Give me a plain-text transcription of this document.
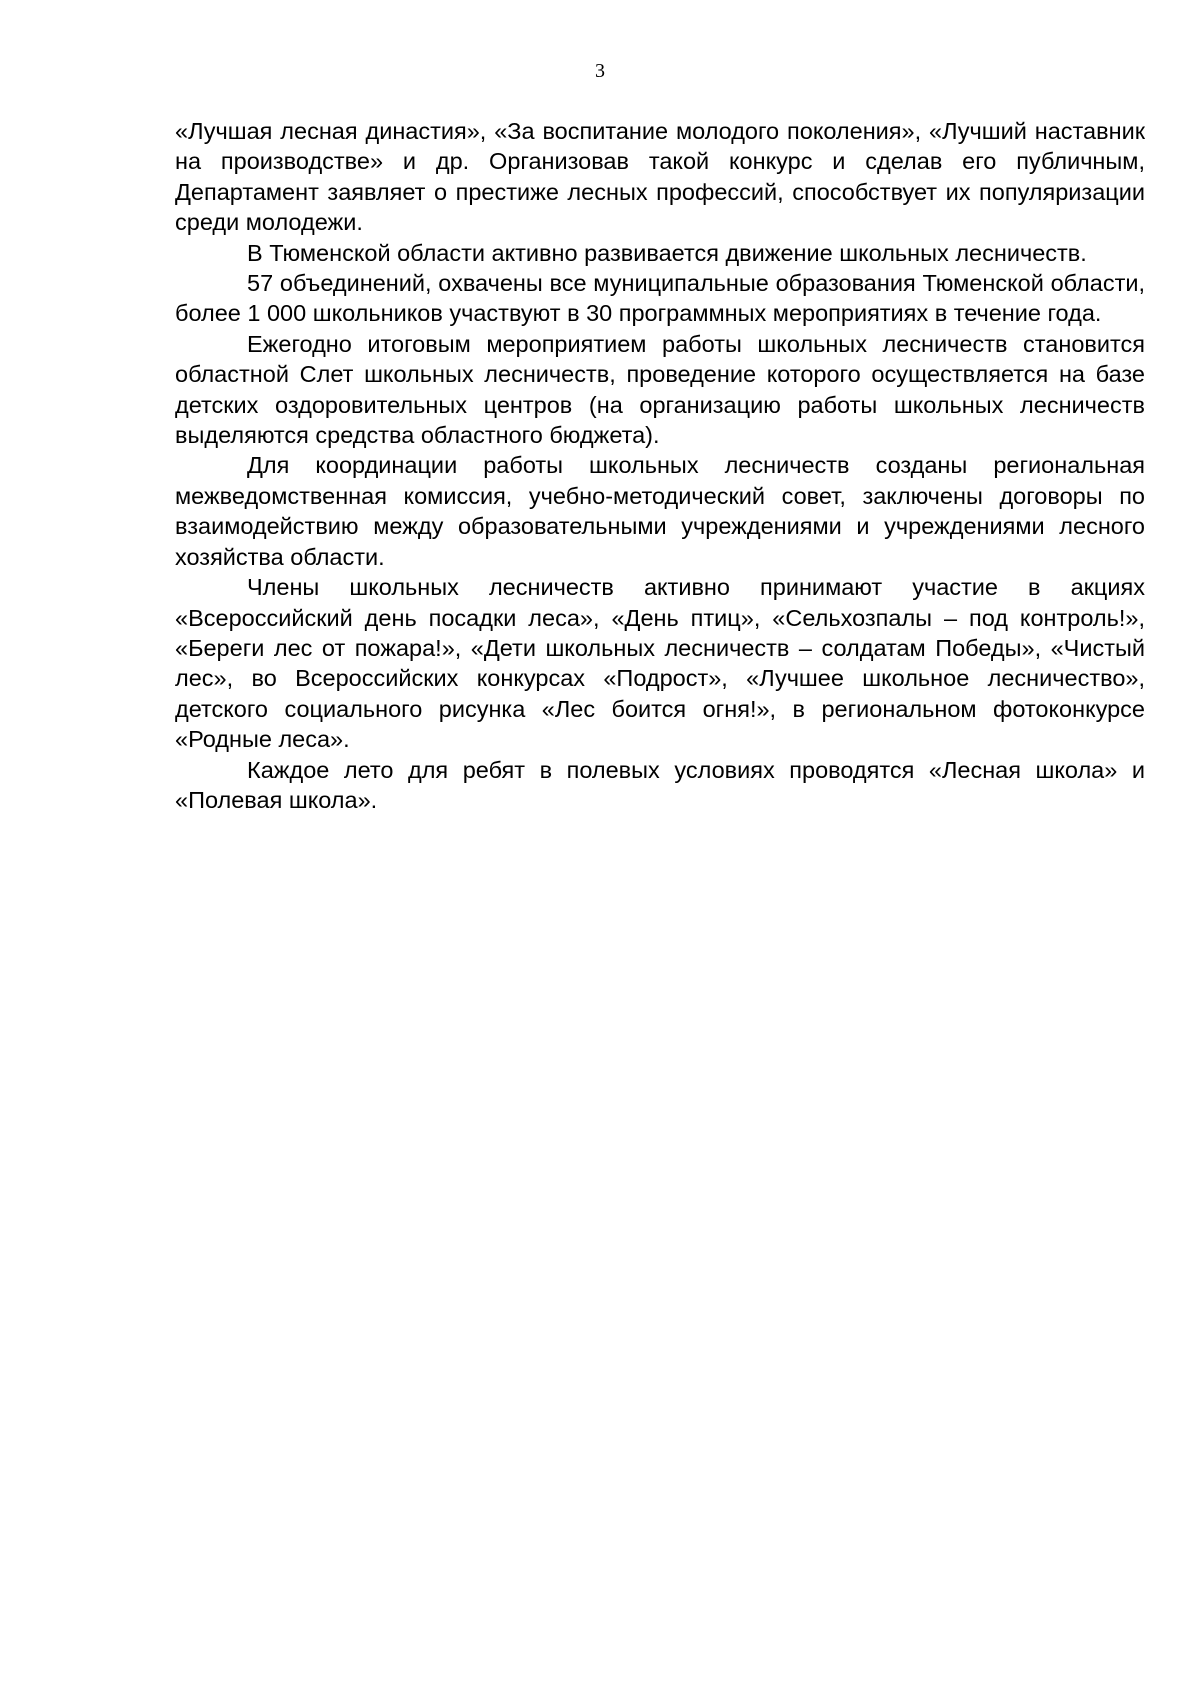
3

«Лучшая лесная династия», «За воспитание молодого поколения», «Лучший наставник на производстве» и др. Организовав такой конкурс и сделав его публичным, Департамент заявляет о престиже лесных профессий, способствует их популяризации среди молодежи.

В Тюменской области активно развивается движение школьных лесничеств.

57 объединений, охвачены все муниципальные образования Тюменской области, более 1 000 школьников участвуют в 30 программных мероприятиях в течение года.

Ежегодно итоговым мероприятием работы школьных лесничеств становится областной Слет школьных лесничеств, проведение которого осуществляется на базе детских оздоровительных центров (на организацию работы школьных лесничеств выделяются средства областного бюджета).

Для координации работы школьных лесничеств созданы региональная межведомственная комиссия, учебно-методический совет, заключены договоры по взаимодействию между образовательными учреждениями и учреждениями лесного хозяйства области.

Члены школьных лесничеств активно принимают участие в акциях «Всероссийский день посадки леса», «День птиц», «Сельхозпалы – под контроль!», «Береги лес от пожара!», «Дети школьных лесничеств – солдатам Победы», «Чистый лес», во Всероссийских конкурсах «Подрост», «Лучшее школьное лесничество», детского социального рисунка «Лес боится огня!», в региональном фотоконкурсе «Родные леса».

Каждое лето для ребят в полевых условиях проводятся «Лесная школа» и «Полевая школа».
